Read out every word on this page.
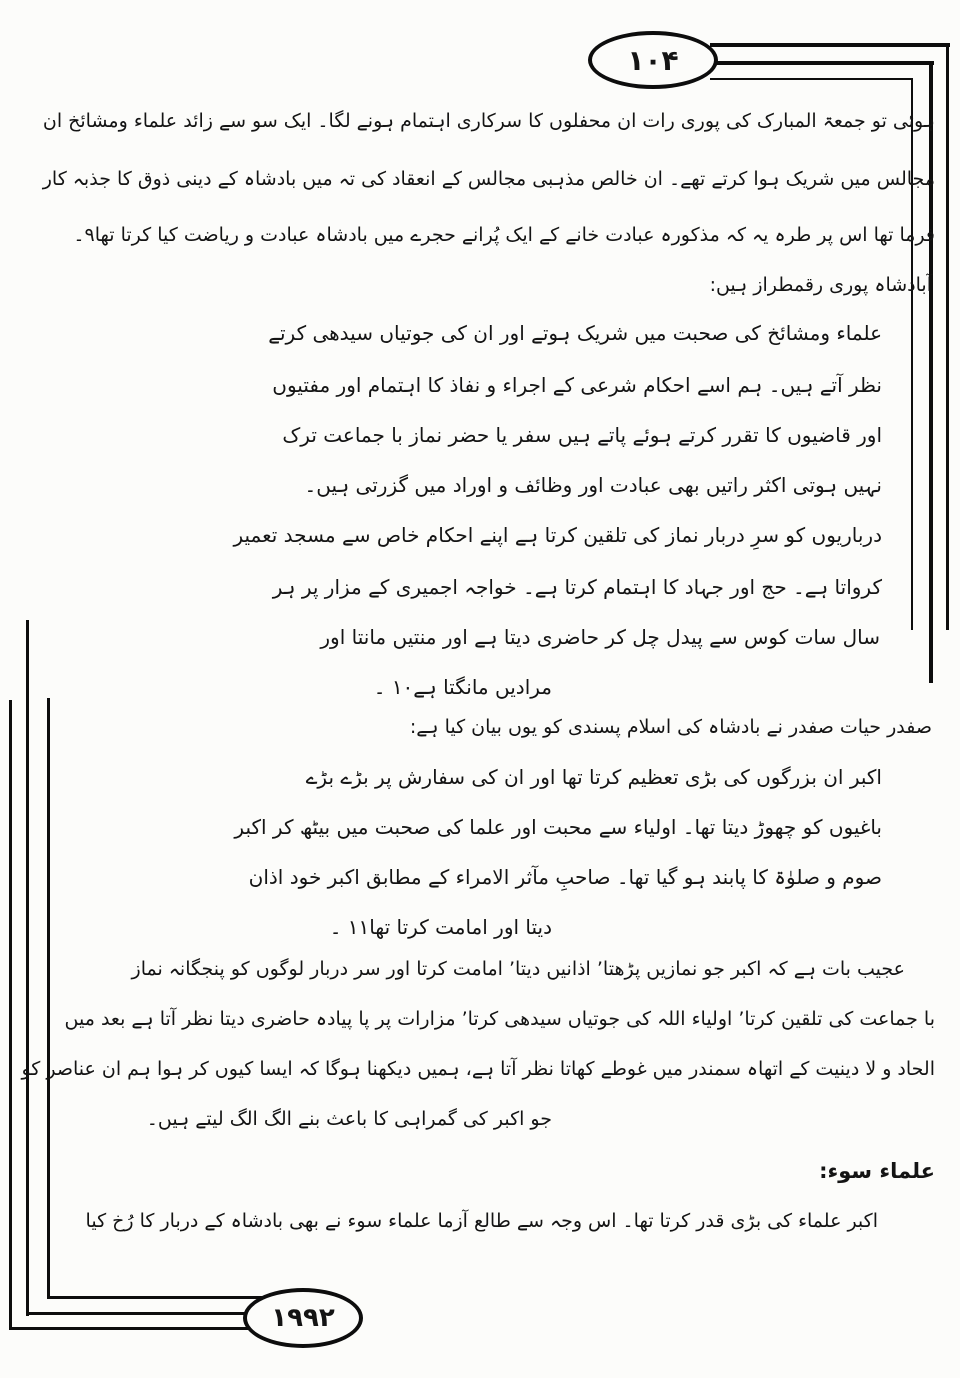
۱۰۴
۱۹۹۲
ہوئی تو جمعۃ المبارک کی پوری رات ان محفلوں کا سرکاری اہتمام ہونے لگا۔ ایک سو سے زائد علماء ومشائخ ان
مجالس میں شریک ہوا کرتے تھے۔ ان خالص مذہبی مجالس کے انعقاد کی تہ میں بادشاہ کے دینی ذوق کا جذبہ کار
فرما تھا اس پر طرہ یہ کہ مذکورہ عبادت خانے کے ایک پُرانے حجرے میں بادشاہ عبادت و ریاضت کیا کرتا تھا۹۔
آبادشاہ پوری رقمطراز ہیں:
علماء ومشائخ کی صحبت میں شریک ہوتے اور ان کی جوتیاں سیدھی کرتے
نظر آتے ہیں۔ ہم اسے احکام شرعی کے اجراء و نفاذ کا اہتمام اور مفتیوں
اور قاضیوں کا تقرر کرتے ہوئے پاتے ہیں سفر یا حضر نماز با جماعت ترک
نہیں ہوتی اکثر راتیں بھی عبادت اور وظائف و اوراد میں گزرتی ہیں۔
درباریوں کو سرِ دربار نماز کی تلقین کرتا ہے اپنے احکام خاص سے مسجد تعمیر
کرواتا ہے۔ حج اور جہاد کا اہتمام کرتا ہے۔ خواجہ اجمیری کے مزار پر ہر
سال سات کوس سے پیدل چل کر حاضری دیتا ہے اور منتیں مانتا اور
مرادیں مانگتا ہے۱۰ ۔
صفدر حیات صفدر نے بادشاہ کی اسلام پسندی کو یوں بیان کیا ہے:
اکبر ان بزرگوں کی بڑی تعظیم کرتا تھا اور ان کی سفارش پر بڑے بڑے
باغیوں کو چھوڑ دیتا تھا۔ اولیاء سے محبت اور علما کی صحبت میں بیٹھ کر اکبر
صوم و صلوٰۃ کا پابند ہو گیا تھا۔ صاحبِ مآثر الامراء کے مطابق اکبر خود اذان
دیتا اور امامت کرتا تھا۱۱ ۔
عجیب بات ہے کہ اکبر جو نمازیں پڑھتا’ اذانیں دیتا’ امامت کرتا اور سر دربار لوگوں کو پنجگانہ نماز
با جماعت کی تلقین کرتا’ اولیاء اللہ کی جوتیاں سیدھی کرتا’ مزارات پر پا پیادہ حاضری دیتا نظر آتا ہے بعد میں
الحاد و لا دینیت کے اتھاہ سمندر میں غوطے کھاتا نظر آتا ہے، ہمیں دیکھنا ہوگا کہ ایسا کیوں کر ہوا ہم ان عناصر کو
جو اکبر کی گمراہی کا باعث بنے الگ الگ لیتے ہیں۔
علماء سوء:
اکبر علماء کی بڑی قدر کرتا تھا۔ اس وجہ سے طالع آزما علماء سوء نے بھی بادشاہ کے دربار کا رُخ کیا
